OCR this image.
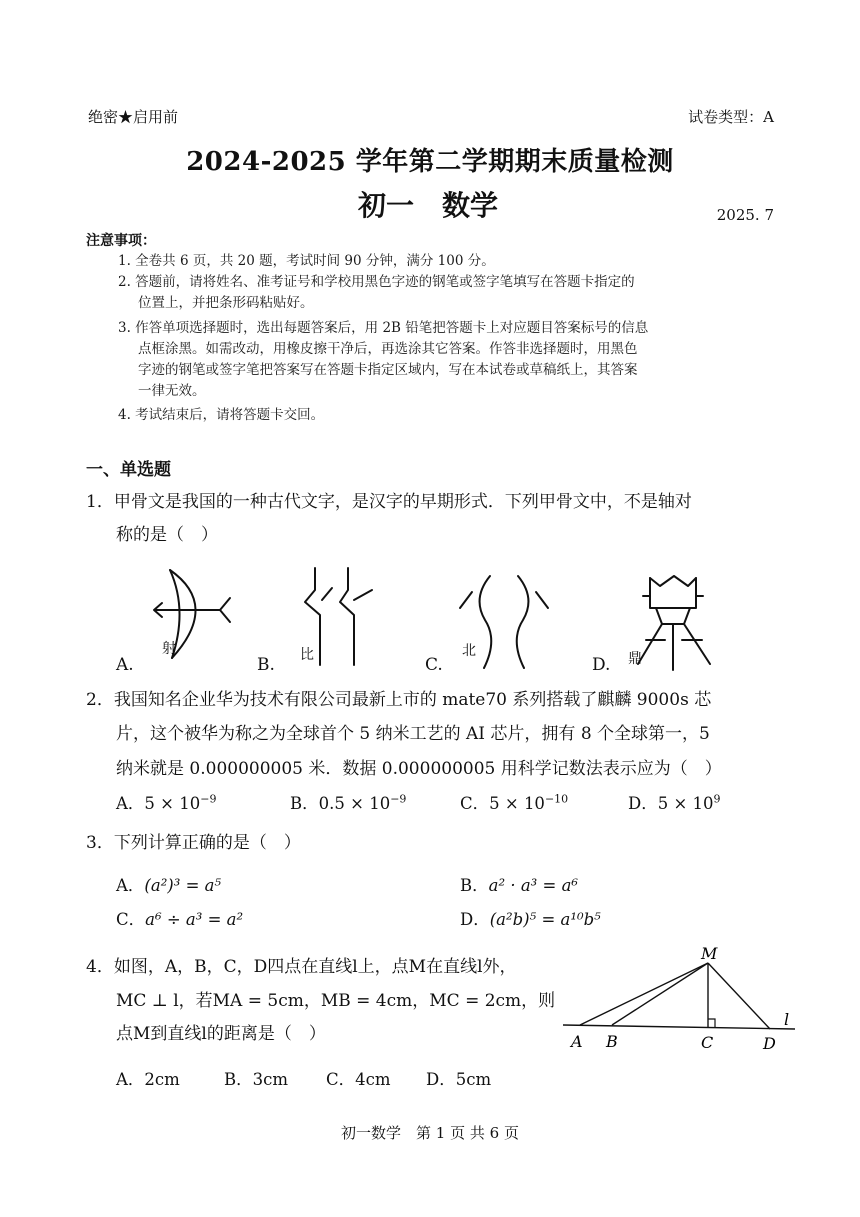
绝密★启用前	试卷类型：A
2024-2025 学年第二学期期末质量检测
初一　数学	2025. 7
注意事项：
1. 全卷共 6 页，共 20 题，考试时间 90 分钟，满分 100 分。
2. 答题前，请将姓名、准考证号和学校用黑色字迹的钢笔或签字笔填写在答题卡指定的
位置上，并把条形码粘贴好。
3. 作答单项选择题时，选出每题答案后，用 2B 铅笔把答题卡上对应题目答案标号的信息
点框涂黑。如需改动，用橡皮擦干净后，再选涂其它答案。作答非选择题时，用黑色
字迹的钢笔或签字笔把答案写在答题卡指定区域内，写在本试卷或草稿纸上，其答案
一律无效。
4. 考试结束后，请将答题卡交回。
一、单选题
1．甲骨文是我国的一种古代文字，是汉字的早期形式．下列甲骨文中，不是轴对
称的是（　）
A.
射
B. 比	C.
北
D. 鼎
2．我国知名企业华为技术有限公司最新上市的 mate70 系列搭载了麒麟 9000s 芯
片，这个被华为称之为全球首个 5 纳米工艺的 AI 芯片，拥有 8 个全球第一，5
纳米就是 0.000000005 米．数据 0.000000005 用科学记数法表示应为（　）
A．$5 \times 10^{-9}$	B．$0.5 \times 10^{-9}$	C．$5 \times 10^{-10}$	D．$5 \times 10^9$
3．下列计算正确的是（　）
A．(a²)³ = a⁵	B．a² · a³ = a⁶
C．a⁶ ÷ a³ = a²	D．(a²b)⁵ = a¹⁰b⁵
4．如图，A，B，C，D四点在直线l上，点M在直线l外，
MC ⊥ l，若MA = 5cm，MB = 4cm，MC = 2cm，则
点M到直线l的距离是（　）
M
A B	C	D
l
A．2cm	B．3cm C．4cm D．5cm
初一数学　第 1 页 共 6 页
